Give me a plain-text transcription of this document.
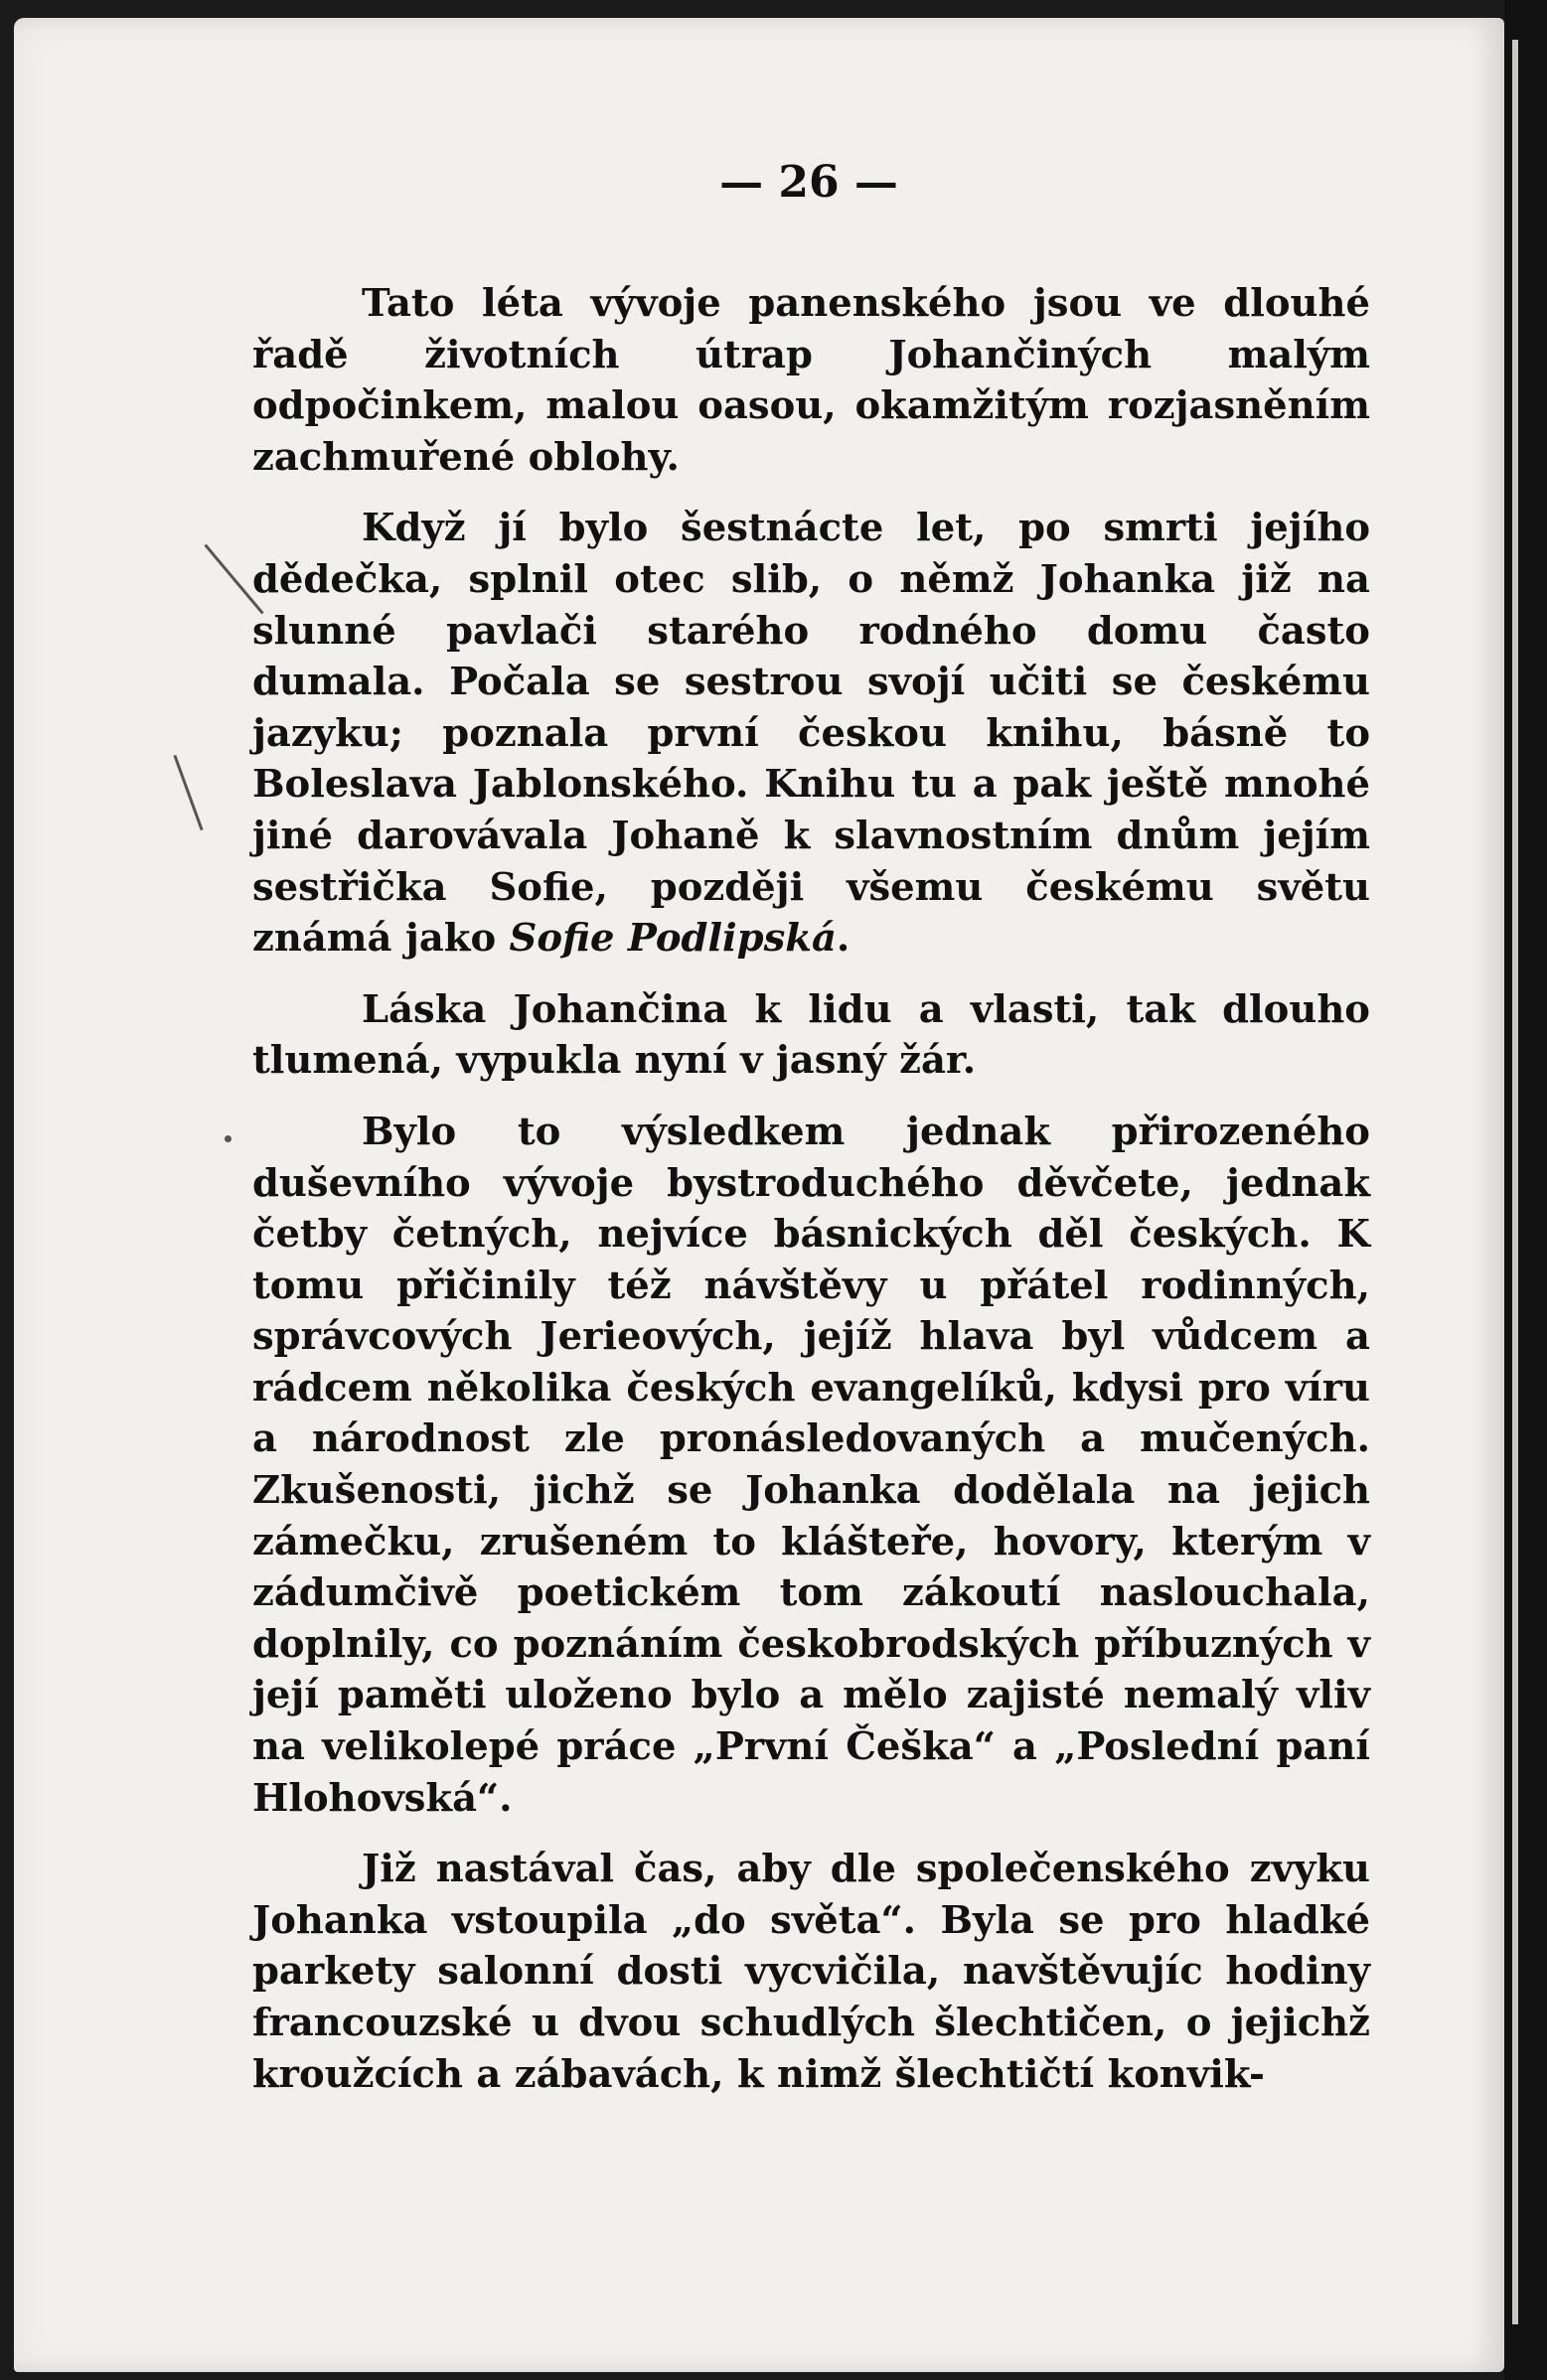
— 26 —

Tato léta vývoje panenského jsou ve dlouhé řadě životních útrap Johančiných malým odpočinkem, malou oasou, okamžitým rozjasněním zachmuřené oblohy.

Když jí bylo šestnácte let, po smrti jejího dědečka, splnil otec slib, o němž Johanka již na slunné pavlači starého rodného domu často dumala. Počala se sestrou svojí učiti se českému jazyku; poznala první českou knihu, básně to Boleslava Jablonského. Knihu tu a pak ještě mnohé jiné darovávala Johaně k slavnostním dnům jejím sestřička Sofie, později všemu českému světu známá jako Sofie Podlipská.

Láska Johančina k lidu a vlasti, tak dlouho tlumená, vypukla nyní v jasný žár.

Bylo to výsledkem jednak přirozeného duševního vývoje bystroduchého děvčete, jednak četby četných, nejvíce básnických děl českých. K tomu přičinily též návštěvy u přátel rodinných, správcových Jerieových, jejíž hlava byl vůdcem a rádcem několika českých evangelíků, kdysi pro víru a národnost zle pronásledovaných a mučených. Zkušenosti, jichž se Johanka dodělala na jejich zámečku, zrušeném to klášteře, hovory, kterým v zádumčivě poetickém tom zákoutí naslouchala, doplnily, co poznáním českobrodských příbuzných v její paměti uloženo bylo a mělo zajisté nemalý vliv na velikolepé práce „První Češka“ a „Poslední paní Hlohovská“.

Již nastával čas, aby dle společenského zvyku Johanka vstoupila „do světa“. Byla se pro hladké parkety salonní dosti vycvičila, navštěvujíc hodiny francouzské u dvou schudlých šlechtičen, o jejichž kroužcích a zábavách, k nimž šlechtičtí konvik-
